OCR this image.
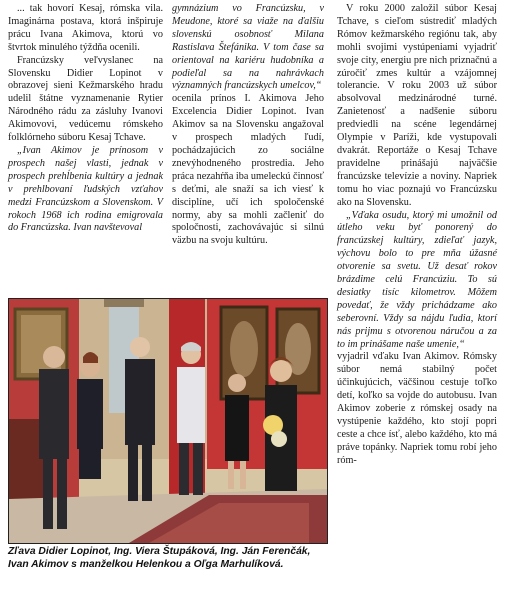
... tak hovorí Kesaj, rómska vila. Imaginárna postava, ktorá inšpiruje prácu Ivana Akimova, ktorú vo štvrtok minulého týždňa ocenili.

Francúzsky veľvyslanec na Slovensku Didier Lopinot v obrazovej sieni Kežmarského hradu udelil štátne vyznamenanie Rytier Národného rádu za zásluhy Ivanovi Akimovovi, vedúcemu rómskeho folklórneho súboru Kesaj Tchave.

„Ivan Akimov je prínosom v prospech našej vlasti, jednak v prospech prehĺbenia kultúry a jednak v prehlbovaní ľudských vzťahov medzi Francúzskom a Slovenskom. V rokoch 1968 ich rodina emigrovala do Francúzska. Ivan navštevoval

gymnázium vo Francúzsku, v Meudone, ktoré sa viaže na ďalšiu slovenskú osobnosť Milana Rastislava Štefánika. V tom čase sa orientoval na kariéru hudobníka a podieľal sa na nahrávkach významných francúzskych umelcov,“

ocenila prínos I. Akimova Jeho Excelencia Didier Lopinot. Ivan Akimov sa na Slovensku angažoval v prospech mladých ľudí, pochádzajúcich zo sociálne znevýhodneného prostredia. Jeho práca nezahŕňa iba umeleckú činnosť s deťmi, ale snaží sa ich viesť k disciplíne, učí ich spoločenské normy, aby sa mohli začleniť do spoločnosti, zachovávajúc si silnú väzbu na svoju kultúru.

V roku 2000 založil súbor Kesaj Tchave, s cieľom sústrediť mladých Rómov kežmarského regiónu tak, aby mohli svojimi vystúpeniami vyjadriť svoje city, energiu pre nich priznačnú a zúročiť zmes kultúr a vzájomnej tolerancie. V roku 2003 už súbor absolvoval medzinárodné turné. Zanietenosť a nadšenie súboru predviedli na scéne legendárnej Olympie v Paríži, kde vystupovali dvakrát. Reportáže o Kesaj Tchave pravidelne prinášajú najväčšie francúzske televízie a noviny. Napriek tomu ho viac poznajú vo Francúzsku ako na Slovensku.

„Vďaka osudu, ktorý mi umožnil od útleho veku byť ponorený do francúzskej kultúry, zdieľať jazyk, výchovu bolo to pre mňa úžasné otvorenie sa svetu. Už desať rokov brázdime celú Francúziu. To sú desiatky tisíc kilometrov. Môžem povedať, že vždy prichádzame ako seberovní. Vždy sa nájdu ľudia, ktorí nás prijmu s otvorenou náručou a za to im prinášame naše umenie,“

vyjadril vďaku Ivan Akimov. Rómsky súbor nemá stabilný počet účinkujúcich, väčšinou cestuje toľko detí, koľko sa vojde do autobusu. Ivan Akimov zoberie z rómskej osady na vystúpenie každého, kto stojí popri ceste a chce ísť, alebo každého, kto má práve topánky. Napriek tomu robí jeho róm-

Zľava Didier Lopinot, Ing. Viera Štupáková, Ing. Ján Ferenčák, Ivan Akimov s manželkou Helenkou a Oľga Marhulíková.
